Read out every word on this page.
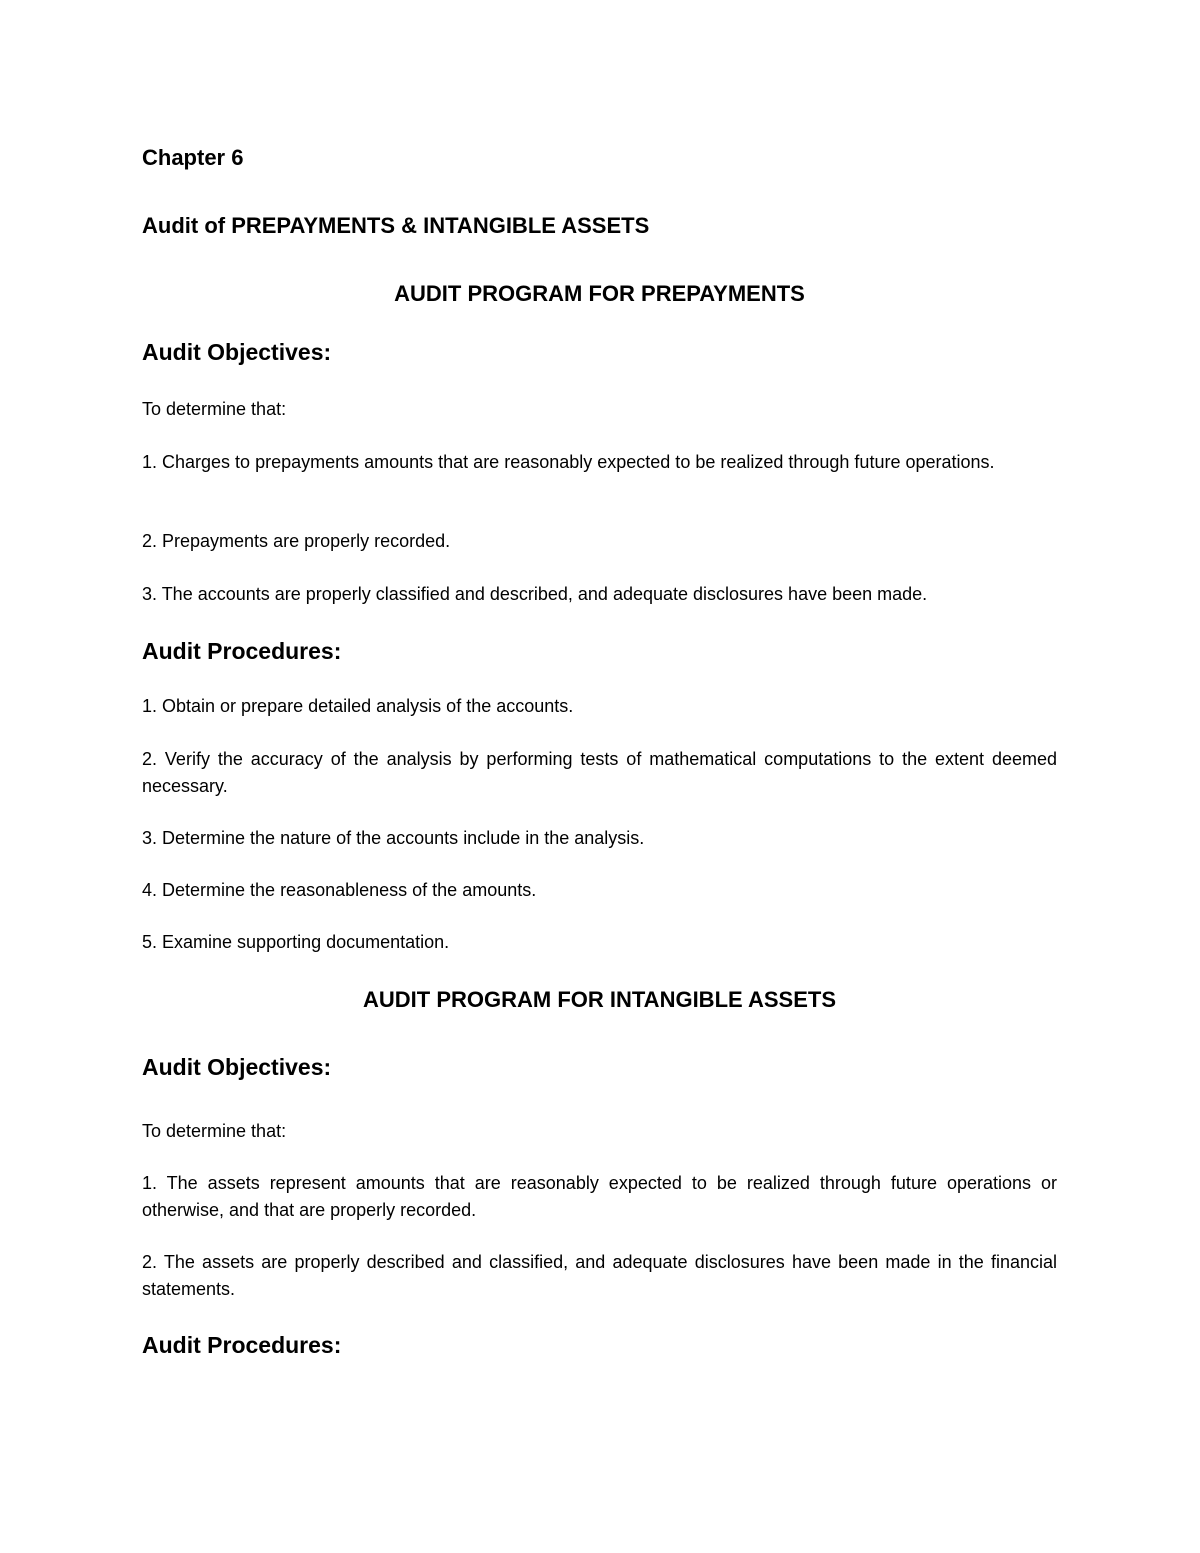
Chapter 6

Audit of PREPAYMENTS & INTANGIBLE ASSETS

AUDIT PROGRAM FOR PREPAYMENTS

Audit Objectives:

To determine that:

1. Charges to prepayments amounts that are reasonably expected to be realized through future operations.

2. Prepayments are properly recorded.

3. The accounts are properly classified and described, and adequate disclosures have been made.

Audit Procedures:

1. Obtain or prepare detailed analysis of the accounts.

2. Verify the accuracy of the analysis by performing tests of mathematical computations to the extent deemed necessary.

3. Determine the nature of the accounts include in the analysis.

4. Determine the reasonableness of the amounts.

5. Examine supporting documentation.

AUDIT PROGRAM FOR INTANGIBLE ASSETS

Audit Objectives:

To determine that:

1. The assets represent amounts that are reasonably expected to be realized through future operations or otherwise, and that are properly recorded.

2. The assets are properly described and classified, and adequate disclosures have been made in the financial statements.

Audit Procedures:
